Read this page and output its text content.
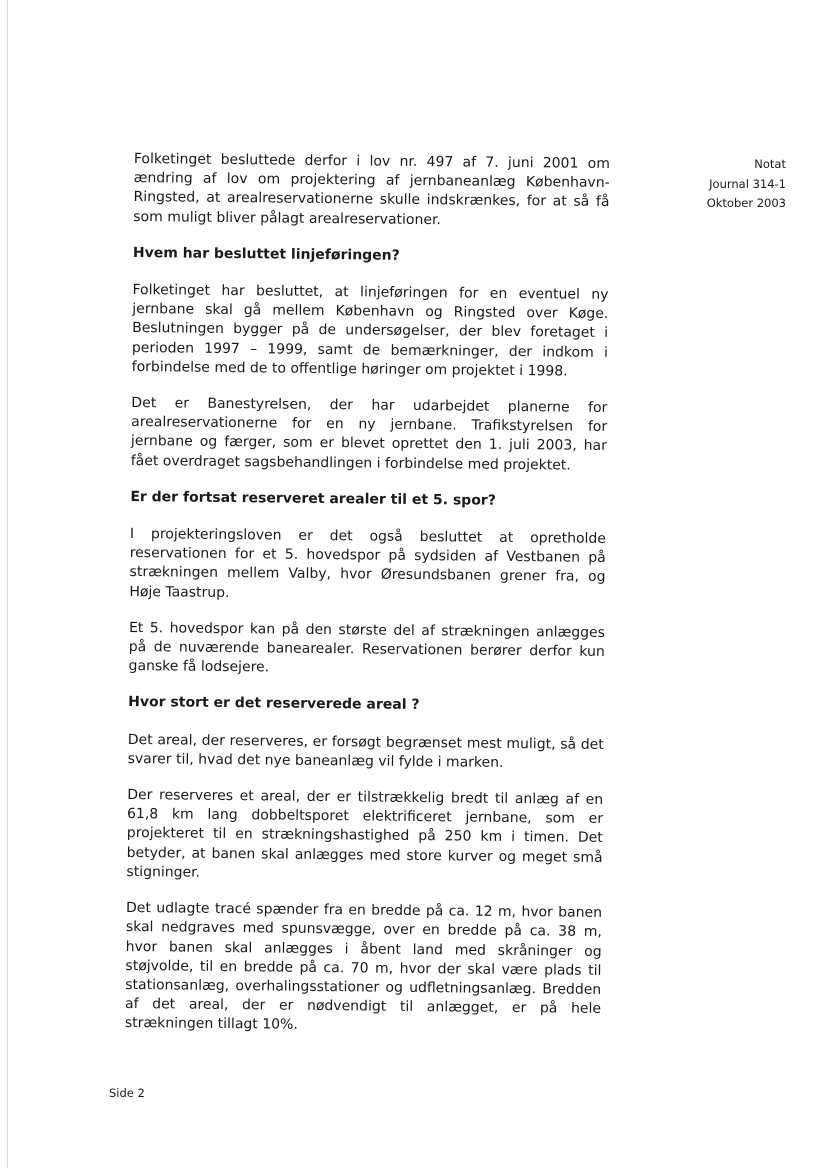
Notat
Journal 314-1
Oktober 2003

Folketinget besluttede derfor i lov nr. 497 af 7. juni 2001 om ændring af lov om projektering af jernbaneanlæg København-Ringsted, at arealreservationerne skulle indskrænkes, for at så få som muligt bliver pålagt arealreservationer.

Hvem har besluttet linjeføringen?

Folketinget har besluttet, at linjeføringen for en eventuel ny jernbane skal gå mellem København og Ringsted over Køge. Beslutningen bygger på de undersøgelser, der blev foretaget i perioden 1997 – 1999, samt de bemærkninger, der indkom i forbindelse med de to offentlige høringer om projektet i 1998.

Det er Banestyrelsen, der har udarbejdet planerne for arealreservationerne for en ny jernbane. Trafikstyrelsen for jernbane og færger, som er blevet oprettet den 1. juli 2003, har fået overdraget sagsbehandlingen i forbindelse med projektet.

Er der fortsat reserveret arealer til et 5. spor?

I projekteringsloven er det også besluttet at opretholde reservationen for et 5. hovedspor på sydsiden af Vestbanen på strækningen mellem Valby, hvor Øresundsbanen grener fra, og Høje Taastrup.

Et 5. hovedspor kan på den største del af strækningen anlægges på de nuværende banearealer. Reservationen berører derfor kun ganske få lodsejere.

Hvor stort er det reserverede areal ?

Det areal, der reserveres, er forsøgt begrænset mest muligt, så det svarer til, hvad det nye baneanlæg vil fylde i marken.

Der reserveres et areal, der er tilstrækkelig bredt til anlæg af en 61,8 km lang dobbeltsporet elektrificeret jernbane, som er projekteret til en strækningshastighed på 250 km i timen. Det betyder, at banen skal anlægges med store kurver og meget små stigninger.

Det udlagte tracé spænder fra en bredde på ca. 12 m, hvor banen skal nedgraves med spunsvægge, over en bredde på ca. 38 m, hvor banen skal anlægges i åbent land med skråninger og støjvolde, til en bredde på ca. 70 m, hvor der skal være plads til stationsanlæg, overhalingsstationer og udfletningsanlæg. Bredden af det areal, der er nødvendigt til anlægget, er på hele strækningen tillagt 10%.

Side 2
